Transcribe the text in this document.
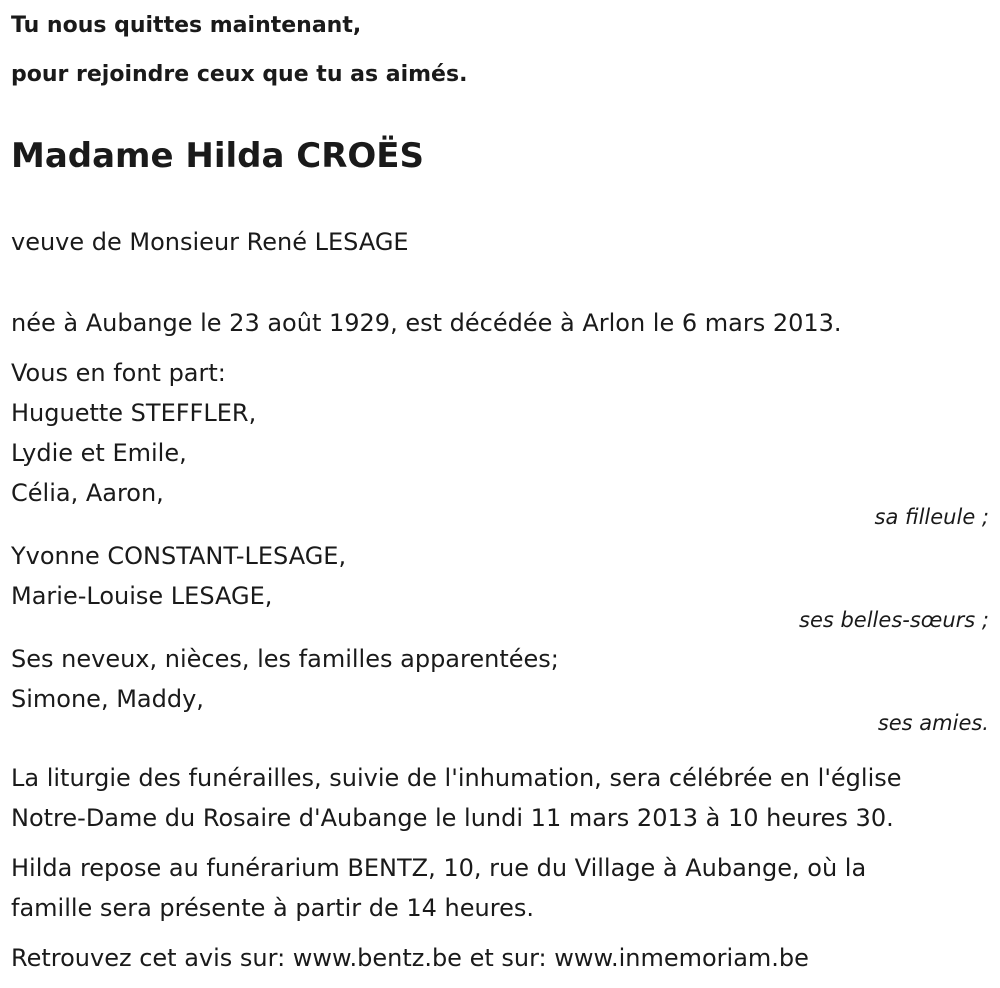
Tu nous quittes maintenant,
pour rejoindre ceux que tu as aimés.
Madame Hilda CROËS
veuve de Monsieur René LESAGE
née à Aubange le 23 août 1929, est décédée à Arlon le 6 mars 2013.
Vous en font part:
Huguette STEFFLER,
Lydie et Emile,
Célia, Aaron,
sa filleule ;
Yvonne CONSTANT-LESAGE,
Marie-Louise LESAGE,
ses belles-sœurs ;
Ses neveux, nièces, les familles apparentées;
Simone, Maddy,
ses amies.
La liturgie des funérailles, suivie de l'inhumation, sera célébrée en l'église
Notre-Dame du Rosaire d'Aubange le lundi 11 mars 2013 à 10 heures 30.
Hilda repose au funérarium BENTZ, 10, rue du Village à Aubange, où la
famille sera présente à partir de 14 heures.
Retrouvez cet avis sur: www.bentz.be et sur: www.inmemoriam.be
